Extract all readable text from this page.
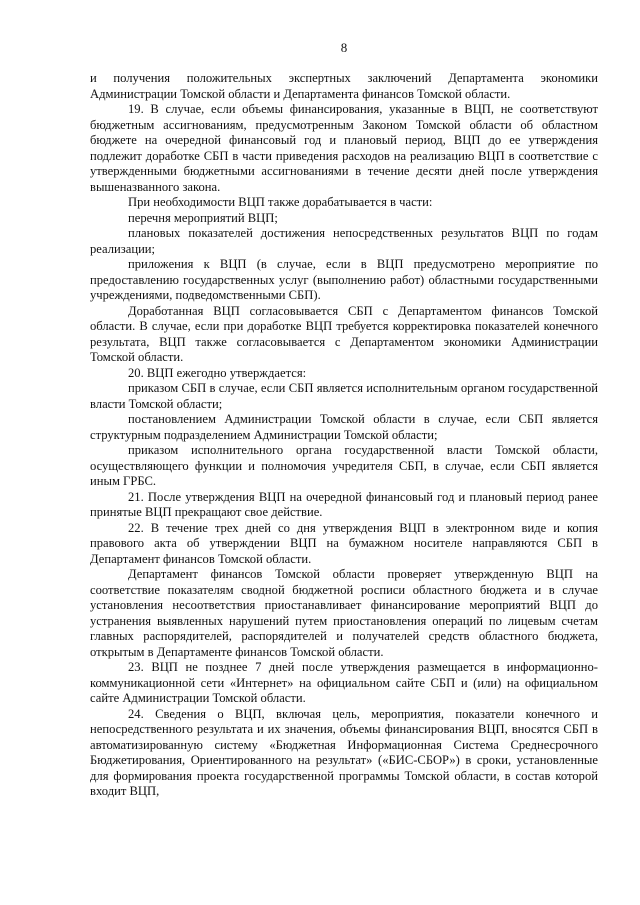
8

и получения положительных экспертных заключений Департамента экономики Администрации Томской области и Департамента финансов Томской области.

19. В случае, если объемы финансирования, указанные в ВЦП, не соответствуют бюджетным ассигнованиям, предусмотренным Законом Томской области об областном бюджете на очередной финансовый год и плановый период, ВЦП до ее утверждения подлежит доработке СБП в части приведения расходов на реализацию ВЦП в соответствие с утвержденными бюджетными ассигнованиями в течение десяти дней после утверждения вышеназванного закона.

При необходимости ВЦП также дорабатывается в части:

перечня мероприятий ВЦП;

плановых показателей достижения непосредственных результатов ВЦП по годам реализации;

приложения к ВЦП (в случае, если в ВЦП предусмотрено мероприятие по предоставлению государственных услуг (выполнению работ) областными государственными учреждениями, подведомственными СБП).

Доработанная ВЦП согласовывается СБП с Департаментом финансов Томской области. В случае, если при доработке ВЦП требуется корректировка показателей конечного результата, ВЦП также согласовывается с Департаментом экономики Администрации Томской области.

20. ВЦП ежегодно утверждается:

приказом СБП в случае, если СБП является исполнительным органом государственной власти Томской области;

постановлением Администрации Томской области в случае, если СБП является структурным подразделением Администрации Томской области;

приказом исполнительного органа государственной власти Томской области, осуществляющего функции и полномочия учредителя СБП, в случае, если СБП является иным ГРБС.

21. После утверждения ВЦП на очередной финансовый год и плановый период ранее принятые ВЦП прекращают свое действие.

22. В течение трех дней со дня утверждения ВЦП в электронном виде и копия правового акта об утверждении ВЦП на бумажном носителе направляются СБП в Департамент финансов Томской области.

Департамент финансов Томской области проверяет утвержденную ВЦП на соответствие показателям сводной бюджетной росписи областного бюджета и в случае установления несоответствия приостанавливает финансирование мероприятий ВЦП до устранения выявленных нарушений путем приостановления операций по лицевым счетам главных распорядителей, распорядителей и получателей средств областного бюджета, открытым в Департаменте финансов Томской области.

23. ВЦП не позднее 7 дней после утверждения размещается в информационно-коммуникационной сети «Интернет» на официальном сайте СБП и (или) на официальном сайте Администрации Томской области.

24. Сведения о ВЦП, включая цель, мероприятия, показатели конечного и непосредственного результата и их значения, объемы финансирования ВЦП, вносятся СБП в автоматизированную систему «Бюджетная Информационная Система Среднесрочного Бюджетирования, Ориентированного на результат» («БИС-СБОР») в сроки, установленные для формирования проекта государственной программы Томской области, в состав которой входит ВЦП,
